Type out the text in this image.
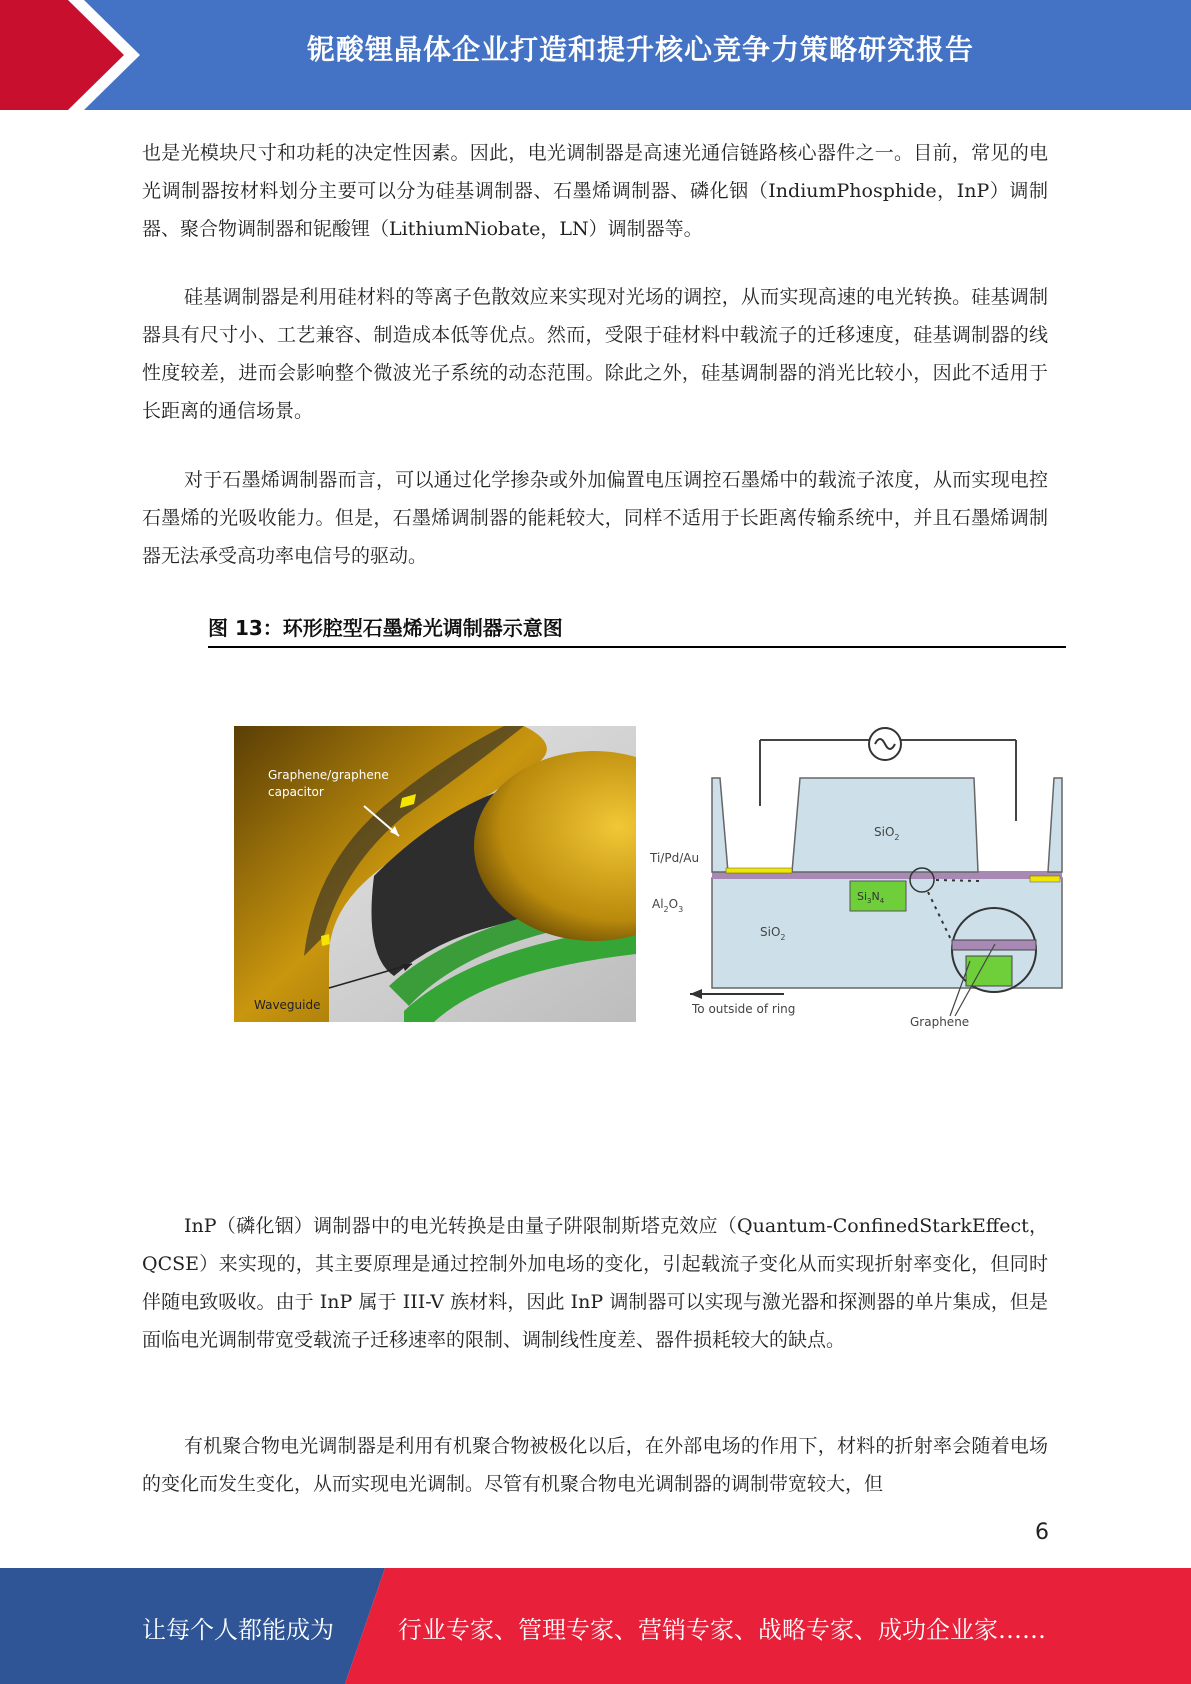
铌酸锂晶体企业打造和提升核心竞争力策略研究报告

也是光模块尺寸和功耗的决定性因素。因此，电光调制器是高速光通信链路核心器件之一。目前，常见的电光调制器按材料划分主要可以分为硅基调制器、石墨烯调制器、磷化铟（IndiumPhosphide，InP）调制器、聚合物调制器和铌酸锂（LithiumNiobate，LN）调制器等。

硅基调制器是利用硅材料的等离子色散效应来实现对光场的调控，从而实现高速的电光转换。硅基调制器具有尺寸小、工艺兼容、制造成本低等优点。然而，受限于硅材料中载流子的迁移速度，硅基调制器的线性度较差，进而会影响整个微波光子系统的动态范围。除此之外，硅基调制器的消光比较小，因此不适用于长距离的通信场景。

对于石墨烯调制器而言，可以通过化学掺杂或外加偏置电压调控石墨烯中的载流子浓度，从而实现电控石墨烯的光吸收能力。但是，石墨烯调制器的能耗较大，同样不适用于长距离传输系统中，并且石墨烯调制器无法承受高功率电信号的驱动。

图 13：环形腔型石墨烯光调制器示意图
Graphene/graphene
capacitor
Waveguide
SiO$_2$
SiO$_2$
$Si_3N_4$
Ti/Pd/Au
$Al_2O_3$
To outside of ring
Graphene

InP（磷化铟）调制器中的电光转换是由量子阱限制斯塔克效应（Quantum-ConfinedStarkEffect，QCSE）来实现的，其主要原理是通过控制外加电场的变化，引起载流子变化从而实现折射率变化，但同时伴随电致吸收。由于 InP 属于 III-V 族材料，因此 InP 调制器可以实现与激光器和探测器的单片集成，但是面临电光调制带宽受载流子迁移速率的限制、调制线性度差、器件损耗较大的缺点。

有机聚合物电光调制器是利用有机聚合物被极化以后，在外部电场的作用下，材料的折射率会随着电场的变化而发生变化，从而实现电光调制。尽管有机聚合物电光调制器的调制带宽较大，但

6
让每个人都能成为	行业专家、管理专家、营销专家、战略专家、成功企业家……
